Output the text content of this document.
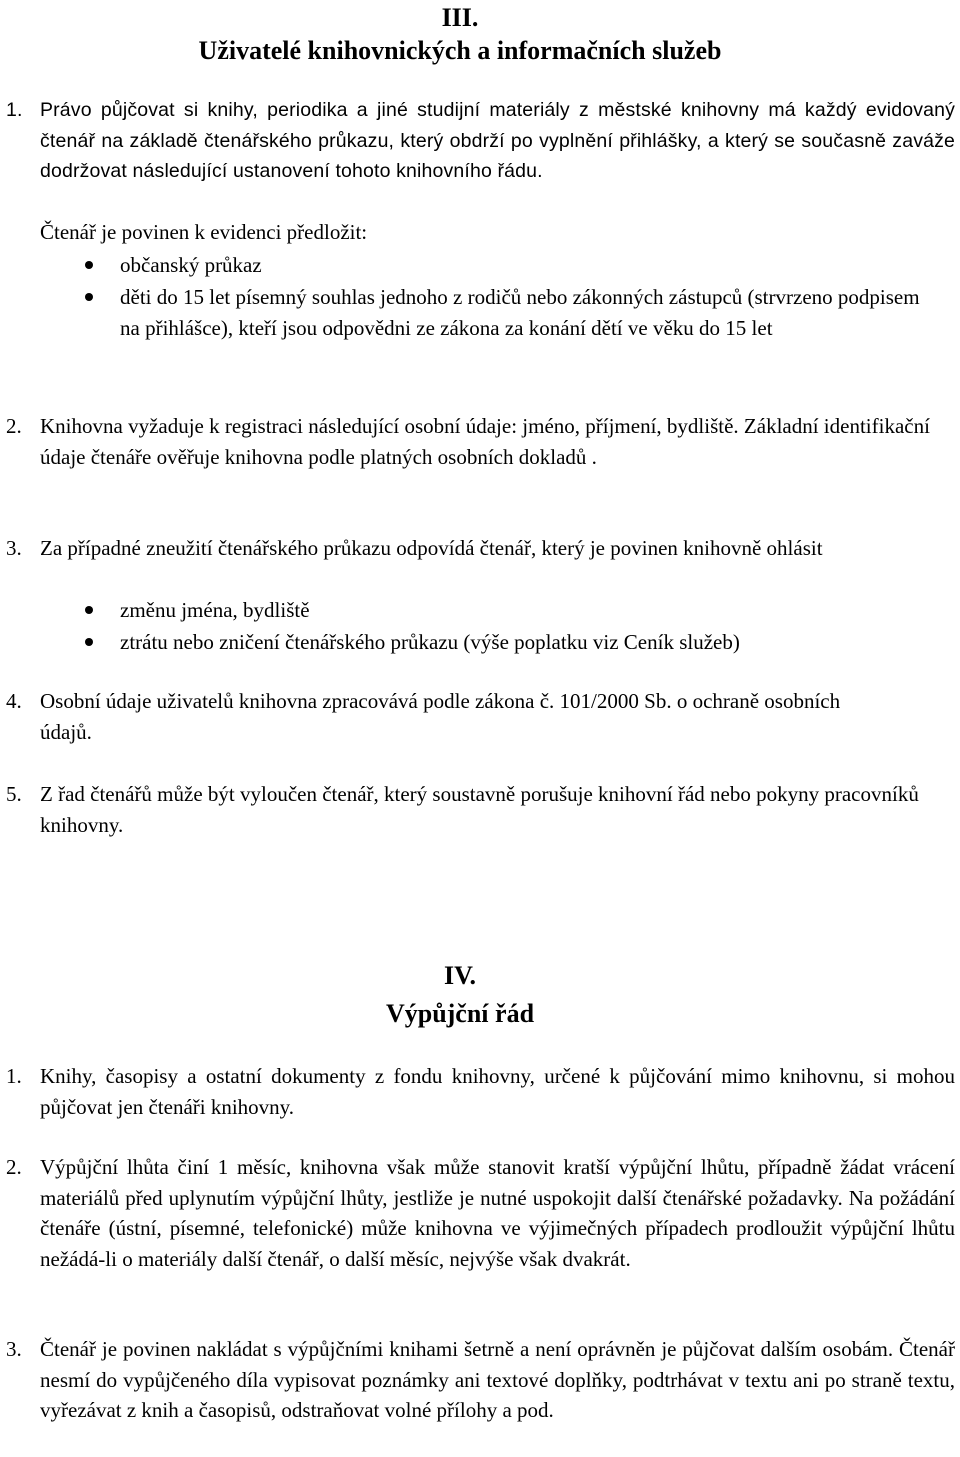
III.
Uživatelé knihovnických a informačních služeb
1. Právo půjčovat si knihy, periodika a jiné studijní materiály z městské knihovny má každý evidovaný čtenář na základě čtenářského průkazu, který obdrží po vyplnění přihlášky, a který se současně zaváže dodržovat následující ustanovení tohoto knihovního řádu.
Čtenář je povinen k evidenci předložit:
občanský průkaz
děti do 15 let písemný souhlas jednoho z rodičů nebo zákonných zástupců (strvrzeno podpisem na přihlášce), kteří jsou odpovědni ze zákona za konání dětí ve věku do 15 let
2. Knihovna vyžaduje k registraci následující osobní údaje: jméno, příjmení, bydliště. Základní identifikační údaje čtenáře ověřuje knihovna podle platných osobních dokladů .
3. Za případné zneužití čtenářského průkazu odpovídá čtenář, který je povinen knihovně ohlásit
změnu jména, bydliště
ztrátu nebo zničení čtenářského průkazu (výše poplatku viz Ceník služeb)
4. Osobní údaje uživatelů knihovna zpracovává podle zákona č. 101/2000 Sb. o ochraně osobních údajů.
5. Z řad čtenářů může být vyloučen čtenář, který soustavně porušuje knihovní řád nebo pokyny pracovníků knihovny.
IV.
Výpůjční řád
1. Knihy, časopisy a ostatní dokumenty z fondu knihovny, určené k půjčování mimo knihovnu, si mohou půjčovat jen čtenáři knihovny.
2. Výpůjční lhůta činí 1 měsíc, knihovna však může stanovit kratší výpůjční lhůtu, případně žádat vrácení materiálů před uplynutím výpůjční lhůty, jestliže je nutné uspokojit další čtenářské požadavky. Na požádání čtenáře (ústní, písemné, telefonické) může knihovna ve výjimečných případech prodloužit výpůjční lhůtu nežádá-li o materiály další čtenář, o další měsíc, nejvýše však dvakrát.
3. Čtenář je povinen nakládat s výpůjčními knihami šetrně a není oprávněn je půjčovat dalším osobám. Čtenář nesmí do vypůjčeného díla vypisovat poznámky ani textové doplňky, podtrhávat v textu ani po straně textu, vyřezávat z knih a časopisů, odstraňovat volné přílohy a pod.
